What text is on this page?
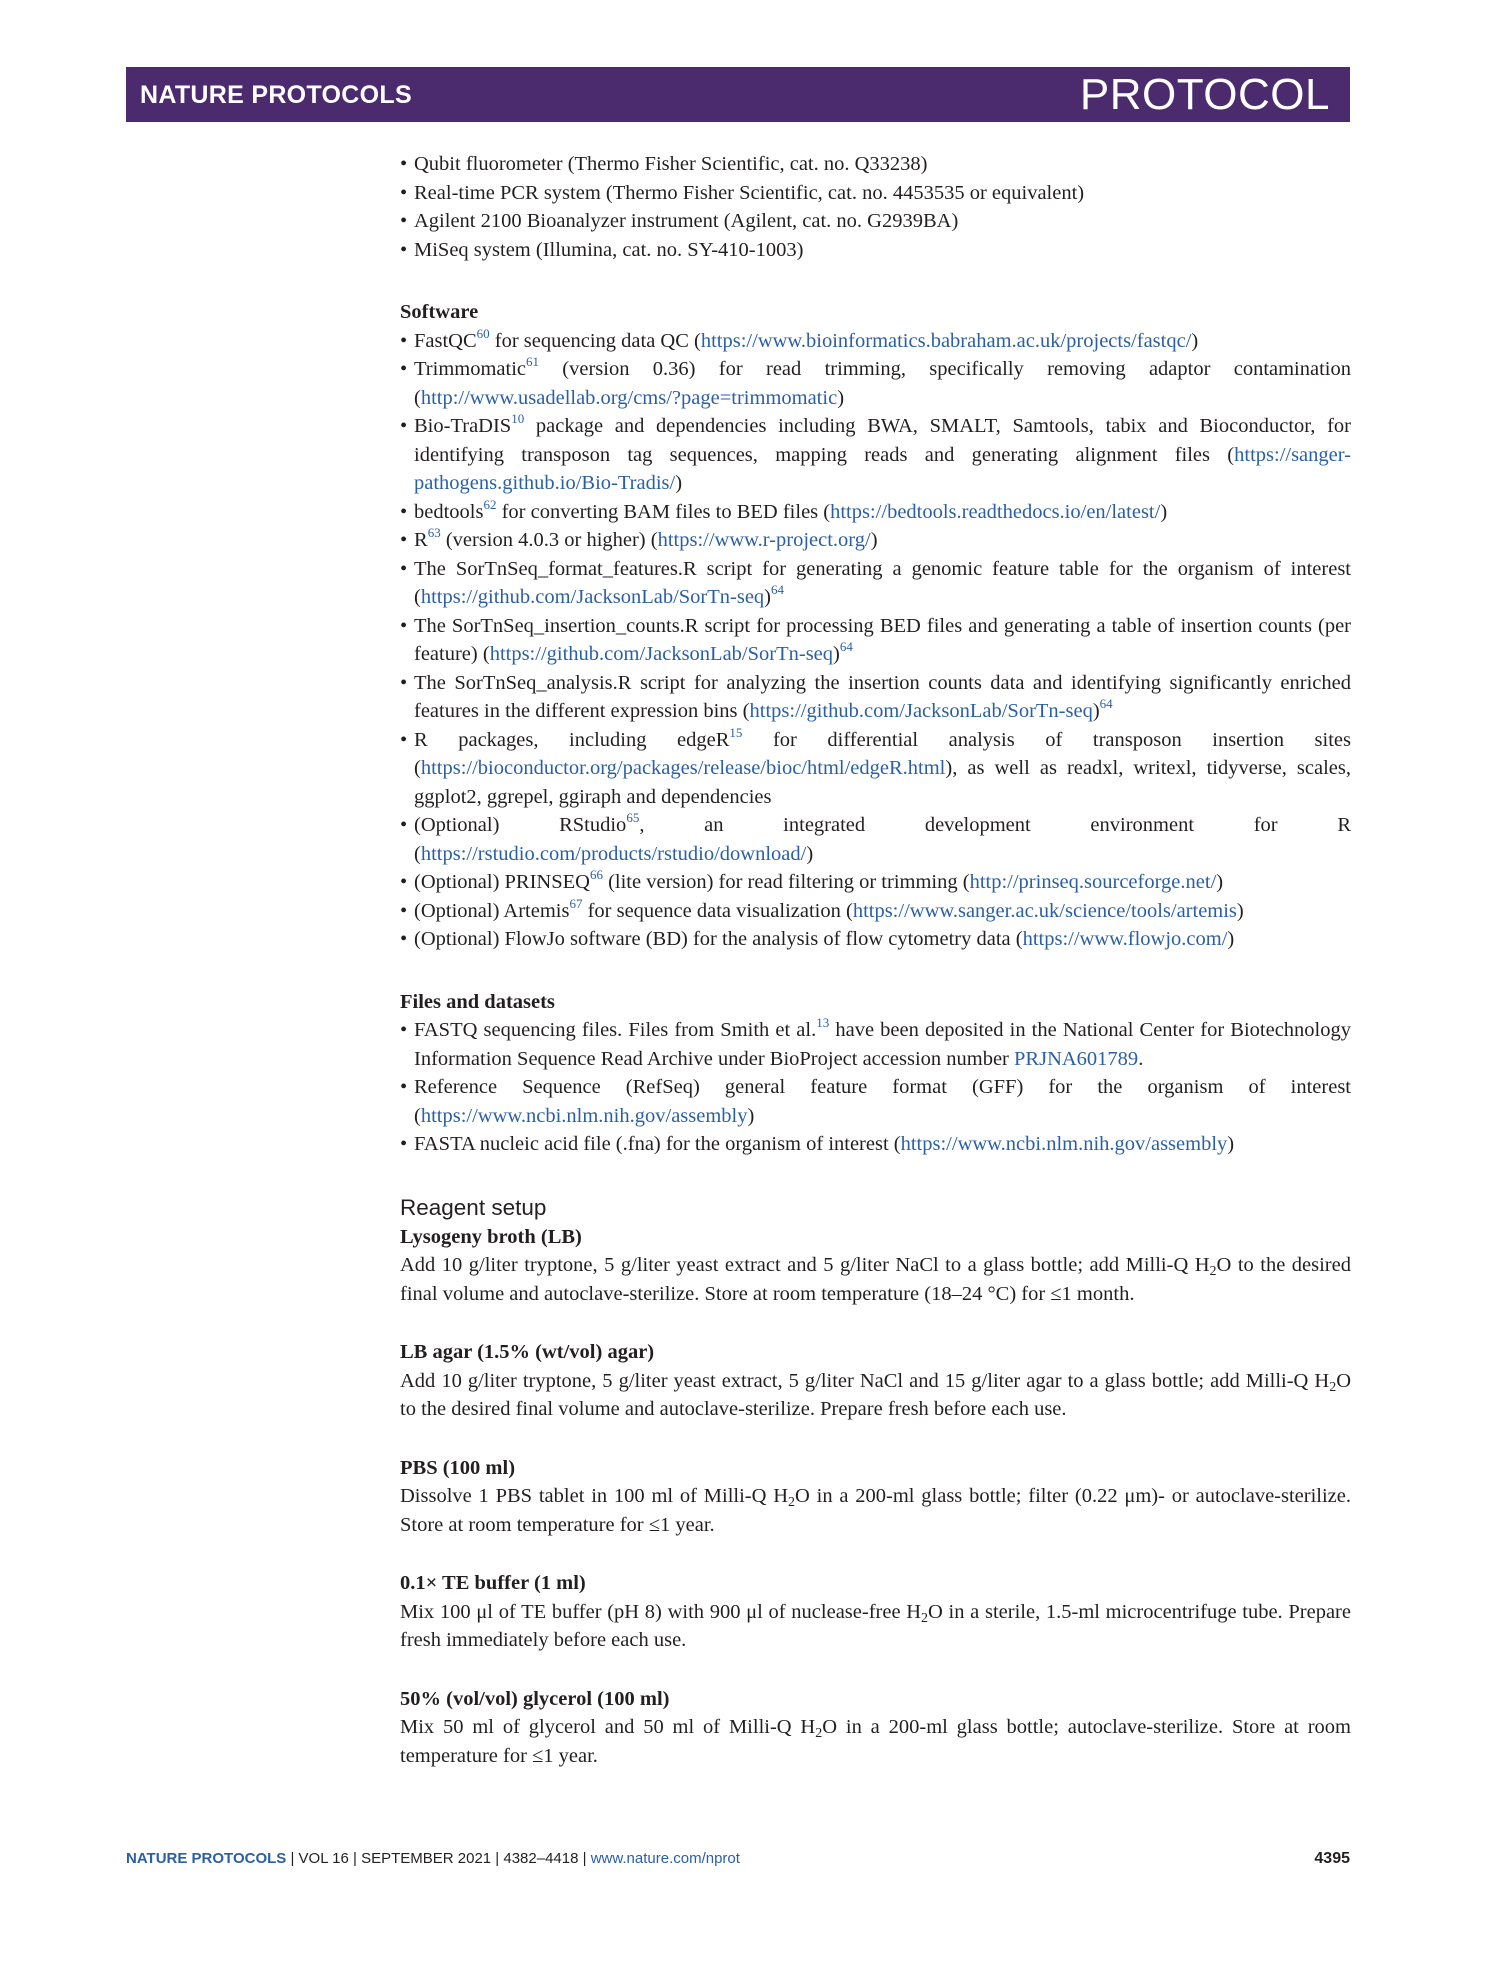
NATURE PROTOCOLS	PROTOCOL
• Qubit fluorometer (Thermo Fisher Scientific, cat. no. Q33238)
• Real-time PCR system (Thermo Fisher Scientific, cat. no. 4453535 or equivalent)
• Agilent 2100 Bioanalyzer instrument (Agilent, cat. no. G2939BA)
• MiSeq system (Illumina, cat. no. SY-410-1003)

Software

• FastQC$^{60}$ for sequencing data QC (https://www.bioinformatics.babraham.ac.uk/projects/fastqc/)
• Trimmomatic$^{61}$ (version 0.36) for read trimming, specifically removing adaptor contamination (http://www.usadellab.org/cms/?page=trimmomatic)
• Bio-TraDIS$^{10}$ package and dependencies including BWA, SMALT, Samtools, tabix and Bioconductor, for identifying transposon tag sequences, mapping reads and generating alignment files (https://sanger-pathogens.github.io/Bio-Tradis/)
• bedtools$^{62}$ for converting BAM files to BED files (https://bedtools.readthedocs.io/en/latest/)
• $R^{63}$ (version 4.0.3 or higher) (https://www.r-project.org/)
• The SorTnSeq_format_features.R script for generating a genomic feature table for the organism of interest (https://github.com/JacksonLab/SorTn-seq)$^{64}$
• The SorTnSeq_insertion_counts.R script for processing BED files and generating a table of insertion counts (per feature) (https://github.com/JacksonLab/SorTn-seq)$^{64}$
• The SorTnSeq_analysis.R script for analyzing the insertion counts data and identifying significantly enriched features in the different expression bins (https://github.com/JacksonLab/SorTn-seq)$^{64}$
• R packages, including edgeR$^{15}$ for differential analysis of transposon insertion sites (https://bioconductor.org/packages/release/bioc/html/edgeR.html), as well as readxl, writexl, tidyverse, scales, ggplot2, ggrepel, ggiraph and dependencies
• (Optional) RStudio$^{65}$, an integrated development environment for R (https://rstudio.com/products/rstudio/download/)
• (Optional) PRINSEQ$^{66}$ (lite version) for read filtering or trimming (http://prinseq.sourceforge.net/)
• (Optional) Artemis$^{67}$ for sequence data visualization (https://www.sanger.ac.uk/science/tools/artemis)
• (Optional) FlowJo software (BD) for the analysis of flow cytometry data (https://www.flowjo.com/)

Files and datasets

• FASTQ sequencing files. Files from Smith et al.$^{13}$ have been deposited in the National Center for Biotechnology Information Sequence Read Archive under BioProject accession number PRJNA601789.
• Reference Sequence (RefSeq) general feature format (GFF) for the organism of interest (https://www.ncbi.nlm.nih.gov/assembly)
• FASTA nucleic acid file (.fna) for the organism of interest (https://www.ncbi.nlm.nih.gov/assembly)

Reagent setup

Lysogeny broth (LB)

Add 10 g/liter tryptone, 5 g/liter yeast extract and 5 g/liter NaCl to a glass bottle; add Milli-Q $H_2O$ to the desired final volume and autoclave-sterilize. Store at room temperature (18–24 °C) for ≤1 month.

LB agar (1.5% (wt/vol) agar)

Add 10 g/liter tryptone, 5 g/liter yeast extract, 5 g/liter NaCl and 15 g/liter agar to a glass bottle; add Milli-Q $H_2O$ to the desired final volume and autoclave-sterilize. Prepare fresh before each use.

PBS (100 ml)

Dissolve 1 PBS tablet in 100 ml of Milli-Q $H_2O$ in a 200-ml glass bottle; filter (0.22 μm)- or autoclave-sterilize. Store at room temperature for ≤1 year.

0.1× TE buffer (1 ml)

Mix 100 μl of TE buffer (pH 8) with 900 μl of nuclease-free $H_2O$ in a sterile, 1.5-ml microcentrifuge tube. Prepare fresh immediately before each use.

50% (vol/vol) glycerol (100 ml)

Mix 50 ml of glycerol and 50 ml of Milli-Q $H_2O$ in a 200-ml glass bottle; autoclave-sterilize. Store at room temperature for ≤1 year.

NATURE PROTOCOLS | VOL 16 | SEPTEMBER 2021 | 4382–4418 | www.nature.com/nprot	4395
